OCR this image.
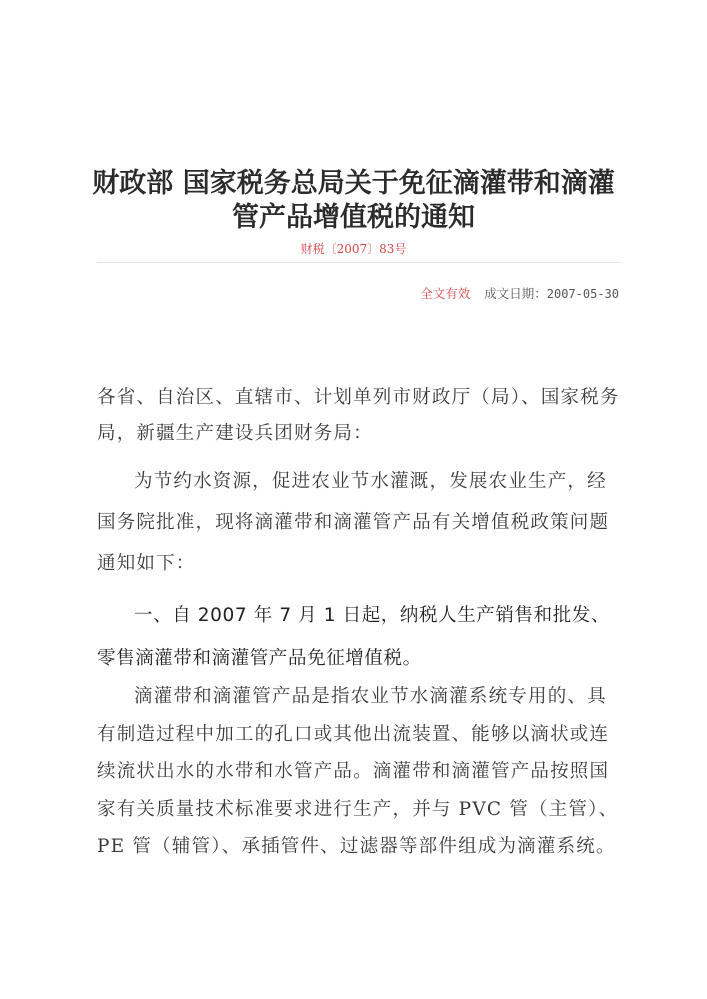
财政部 国家税务总局关于免征滴灌带和滴灌
管产品增值税的通知
财税〔2007〕83号
全文有效 成文日期：2007-05-30
各省、自治区、直辖市、计划单列市财政厅（局）、国家税务局，新疆生产建设兵团财务局：
为节约水资源，促进农业节水灌溉，发展农业生产，经国务院批准，现将滴灌带和滴灌管产品有关增值税政策问题通知如下：
一、自 2007 年 7 月 1 日起，纳税人生产销售和批发、零售滴灌带和滴灌管产品免征增值税。
滴灌带和滴灌管产品是指农业节水滴灌系统专用的、具有制造过程中加工的孔口或其他出流装置、能够以滴状或连续流状出水的水带和水管产品。滴灌带和滴灌管产品按照国家有关质量技术标准要求进行生产，并与 PVC 管（主管）、PE 管（辅管）、承插管件、过滤器等部件组成为滴灌系统。
